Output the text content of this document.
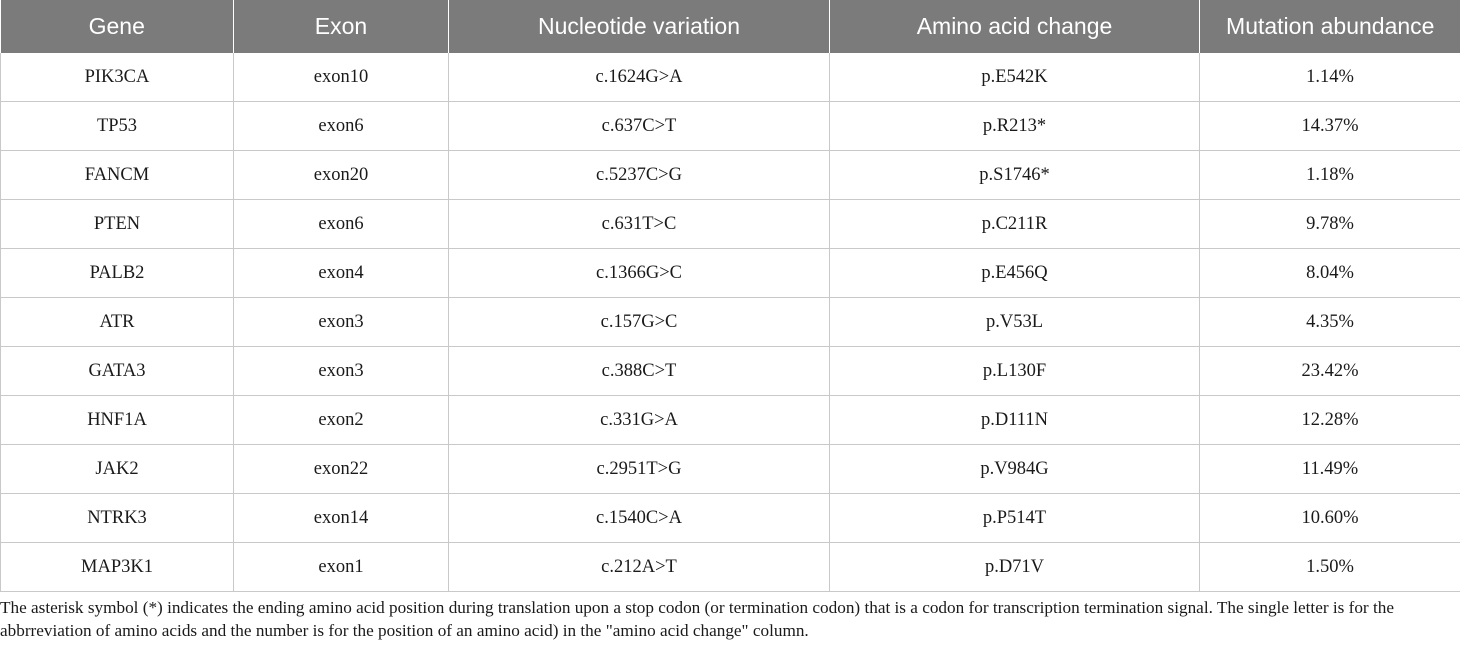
Gene	Exon	Nucleotide variation	Amino acid change	Mutation abundance
PIK3CA	exon10	c.1624G>A	p.E542K	1.14%
TP53	exon6	c.637C>T	p.R213*	14.37%
FANCM	exon20	c.5237C>G	p.S1746*	1.18%
PTEN	exon6	c.631T>C	p.C211R	9.78%
PALB2	exon4	c.1366G>C	p.E456Q	8.04%
ATR	exon3	c.157G>C	p.V53L	4.35%
GATA3	exon3	c.388C>T	p.L130F	23.42%
HNF1A	exon2	c.331G>A	p.D111N	12.28%
JAK2	exon22	c.2951T>G	p.V984G	11.49%
NTRK3	exon14	c.1540C>A	p.P514T	10.60%
MAP3K1	exon1	c.212A>T	p.D71V	1.50%

The asterisk symbol (*) indicates the ending amino acid position during translation upon a stop codon (or termination codon) that is a codon for transcription termination signal. The single letter is for the abbrreviation of amino acids and the number is for the position of an amino acid) in the "amino acid change" column.
